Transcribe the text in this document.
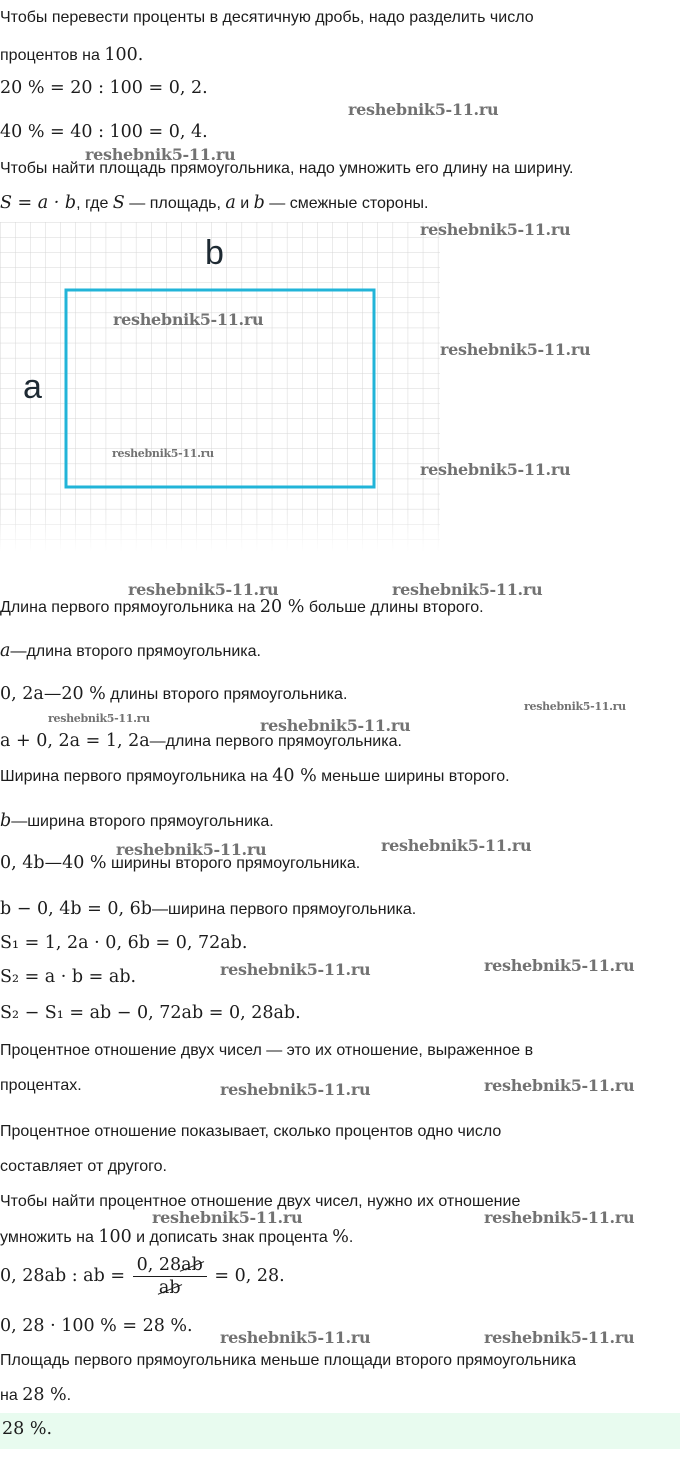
Чтобы перевести проценты в десятичную дробь, надо разделить число
процентов на 100.
20 % = 20 : 100 = 0, 2.
40 % = 40 : 100 = 0, 4.
Чтобы найти площадь прямоугольника, надо умножить его длину на ширину.
S = a · b, где S — площадь, a и b — смежные стороны.
b
a
Длина первого прямоугольника на 20 % больше длины второго.
a—длина второго прямоугольника.
0, 2a—20 % длины второго прямоугольника.
a + 0, 2a = 1, 2a—длина первого прямоугольника.
Ширина первого прямоугольника на 40 % меньше ширины второго.
b—ширина второго прямоугольника.
0, 4b—40 % ширины второго прямоугольника.
b − 0, 4b = 0, 6b—ширина первого прямоугольника.
S₁ = 1, 2a · 0, 6b = 0, 72ab.
S₂ = a · b = ab.
S₂ − S₁ = ab − 0, 72ab = 0, 28ab.
Процентное отношение двух чисел — это их отношение, выраженное в
процентах.
Процентное отношение показывает, сколько процентов одно число
составляет от другого.
Чтобы найти процентное отношение двух чисел, нужно их отношение
умножить на 100 и дописать знак процента %.
0, 28ab : ab = $\frac{0, 28ab}{ab} = 0$, 28.
0, 28 · 100 % = 28 %.
Площадь первого прямоугольника меньше площади второго прямоугольника
на 28 %.
28 %.
reshebnik5-11.ru
reshebnik5-11.ru
reshebnik5-11.ru
reshebnik5-11.ru
reshebnik5-11.ru
reshebnik5-11.ru
reshebnik5-11.ru
reshebnik5-11.ru	reshebnik5-11.ru
reshebnik5-11.ru
reshebnik5-11.ru	reshebnik5-11.ru
reshebnik5-11.ru
reshebnik5-11.ru
reshebnik5-11.ru	reshebnik5-11.ru
reshebnik5-11.ru	reshebnik5-11.ru
reshebnik5-11.ru	reshebnik5-11.ru
reshebnik5-11.ru	reshebnik5-11.ru
